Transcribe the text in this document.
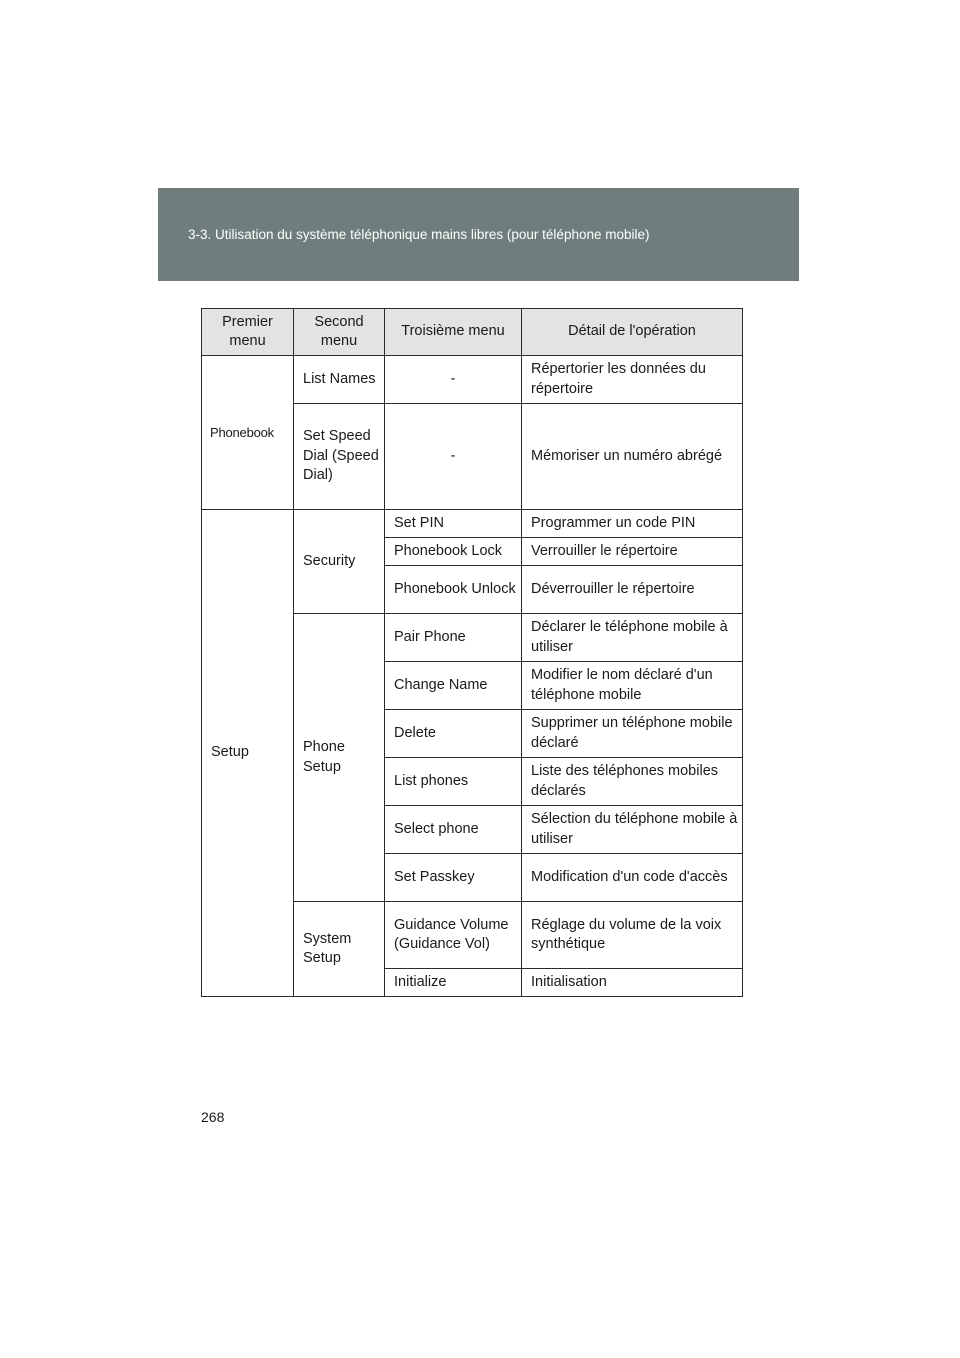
3-3. Utilisation du système téléphonique mains libres (pour téléphone mobile)
Premier menu	Second menu	Troisième menu	Détail de l'opération
Phonebook	List Names	-	Répertorier les données du répertoire
	Set Speed Dial (Speed Dial)	-	Mémoriser un numéro abrégé
Setup	Security	Set PIN	Programmer un code PIN
		Phonebook Lock	Verrouiller le répertoire
		Phonebook Unlock	Déverrouiller le répertoire
	Phone Setup	Pair Phone	Déclarer le téléphone mobile à utiliser
		Change Name	Modifier le nom déclaré d'un téléphone mobile
		Delete	Supprimer un téléphone mobile déclaré
		List phones	Liste des téléphones mobiles déclarés
		Select phone	Sélection du téléphone mobile à utiliser
		Set Passkey	Modification d'un code d'accès
	System Setup	Guidance Volume (Guidance Vol)	Réglage du volume de la voix synthétique
		Initialize	Initialisation
268
